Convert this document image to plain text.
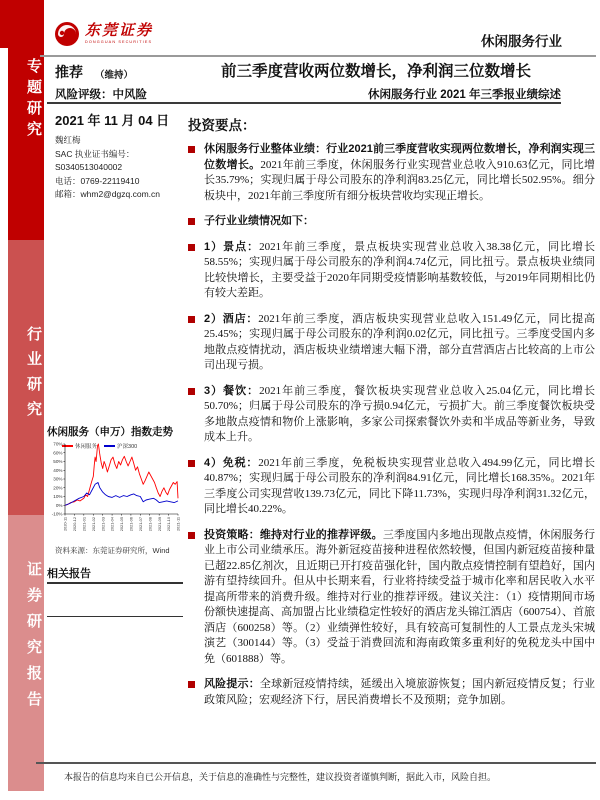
专题研究
行业研究
证券研究报告
东莞证券
DONGGUAN SECURITIES	休闲服务行业
推荐 （维持）	前三季度营收两位数增长，净利润三位数增长
风险评级：中风险	休闲服务行业 2021 年三季报业绩综述
2021 年 11 月 04 日
魏红梅
SAC 执业证书编号：
S0340513040002
电话：0769-22119410
邮箱：whm2@dgzq.com.cn
休闲服务（申万）指数走势
休闲服务	沪深300
70%
60%
50%
40%
30%
20%
10%
0%
-10%
2020-11 2020-12 2021-01 2021-02 2021-03 2021-04 2021-05 2021-06 2021-07 2021-08 2021-09 2021-10 2021-11
资料来源：东莞证券研究所，Wind
相关报告
投资要点：
休闲服务行业整体业绩：行业2021前三季度营收实现两位数增长，净利润实现三位数增长。2021年前三季度，休闲服务行业实现营业总收入910.63亿元，同比增长35.79%；实现归属于母公司股东的净利润83.25亿元，同比增长502.95%。细分板块中，2021年前三季度所有细分板块营收均实现正增长。
子行业业绩情况如下：
1）景点：2021年前三季度，景点板块实现营业总收入38.38亿元，同比增长58.55%；实现归属于母公司股东的净利润4.74亿元，同比扭亏。景点板块业绩同比较快增长，主要受益于2020年同期受疫情影响基数较低，与2019年同期相比仍有较大差距。
2）酒店：2021年前三季度，酒店板块实现营业总收入151.49亿元，同比提高25.45%；实现归属于母公司股东的净利润0.02亿元，同比扭亏。三季度受国内多地散点疫情扰动，酒店板块业绩增速大幅下滑，部分直营酒店占比较高的上市公司出现亏损。
3）餐饮：2021年前三季度，餐饮板块实现营业总收入25.04亿元，同比增长50.70%；归属于母公司股东的净亏损0.94亿元，亏损扩大。前三季度餐饮板块受多地散点疫情和物价上涨影响，多家公司探索餐饮外卖和半成品等新业务，导致成本上升。
4）免税：2021年前三季度，免税板块实现营业总收入494.99亿元，同比增长40.87%；实现归属于母公司股东的净利润84.91亿元，同比增长168.35%。2021年三季度公司实现营收139.73亿元，同比下降11.73%，实现归母净利润31.32亿元，同比增长40.22%。
投资策略：维持对行业的推荐评级。三季度国内多地出现散点疫情，休闲服务行业上市公司业绩承压。海外新冠疫苗接种进程依然较慢，但国内新冠疫苗接种量已超22.85亿剂次，且近期已开打疫苗强化针，国内散点疫情控制有望趋好，国内游有望持续回升。但从中长期来看，行业将持续受益于城市化率和居民收入水平提高所带来的消费升级。维持对行业的推荐评级。建议关注：（1）疫情期间市场份额快速提高、高加盟占比业绩稳定性较好的酒店龙头锦江酒店（600754）、首旅酒店（600258）等。（2）业绩弹性较好，具有较高可复制性的人工景点龙头宋城演艺（300144）等。（3）受益于消费回流和海南政策多重利好的免税龙头中国中免（601888）等。
风险提示：全球新冠疫情持续，延缓出入境旅游恢复；国内新冠疫情反复；行业政策风险；宏观经济下行，居民消费增长不及预期；竞争加剧。
本报告的信息均来自已公开信息，关于信息的准确性与完整性，建议投资者谨慎判断，据此入市，风险自担。
